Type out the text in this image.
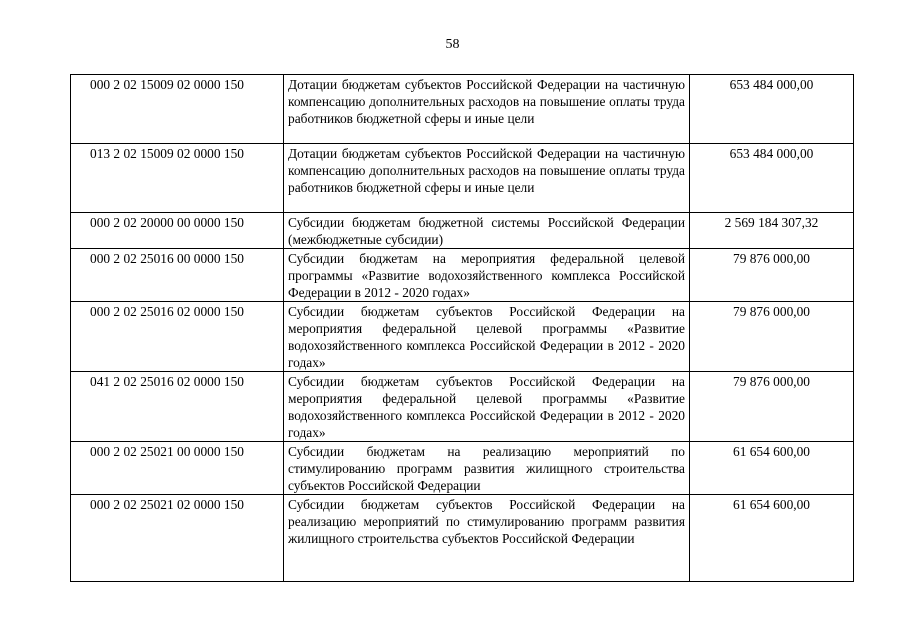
58
000 2 02 15009 02 0000 150	Дотации бюджетам субъектов Российской Федерации на частичную компенсацию дополнительных расходов на повышение оплаты труда работников бюджетной сферы и иные цели	653 484 000,00
013 2 02 15009 02 0000 150	Дотации бюджетам субъектов Российской Федерации на частичную компенсацию дополнительных расходов на повышение оплаты труда работников бюджетной сферы и иные цели	653 484 000,00
000 2 02 20000 00 0000 150	Субсидии бюджетам бюджетной системы Российской Федерации (межбюджетные субсидии)	2 569 184 307,32
000 2 02 25016 00 0000 150	Субсидии бюджетам на мероприятия федеральной целевой программы «Развитие водохозяйственного комплекса Российской Федерации в 2012 - 2020 годах»	79 876 000,00
000 2 02 25016 02 0000 150	Субсидии бюджетам субъектов Российской Федерации на мероприятия федеральной целевой программы «Развитие водохозяйственного комплекса Российской Федерации в 2012 - 2020 годах»	79 876 000,00
041 2 02 25016 02 0000 150	Субсидии бюджетам субъектов Российской Федерации на мероприятия федеральной целевой программы «Развитие водохозяйственного комплекса Российской Федерации в 2012 - 2020 годах»	79 876 000,00
000 2 02 25021 00 0000 150	Субсидии бюджетам на реализацию мероприятий по стимулированию программ развития жилищного строительства субъектов Российской Федерации	61 654 600,00
000 2 02 25021 02 0000 150	Субсидии бюджетам субъектов Российской Федерации на реализацию мероприятий по стимулированию программ развития жилищного строительства субъектов Российской Федерации	61 654 600,00
